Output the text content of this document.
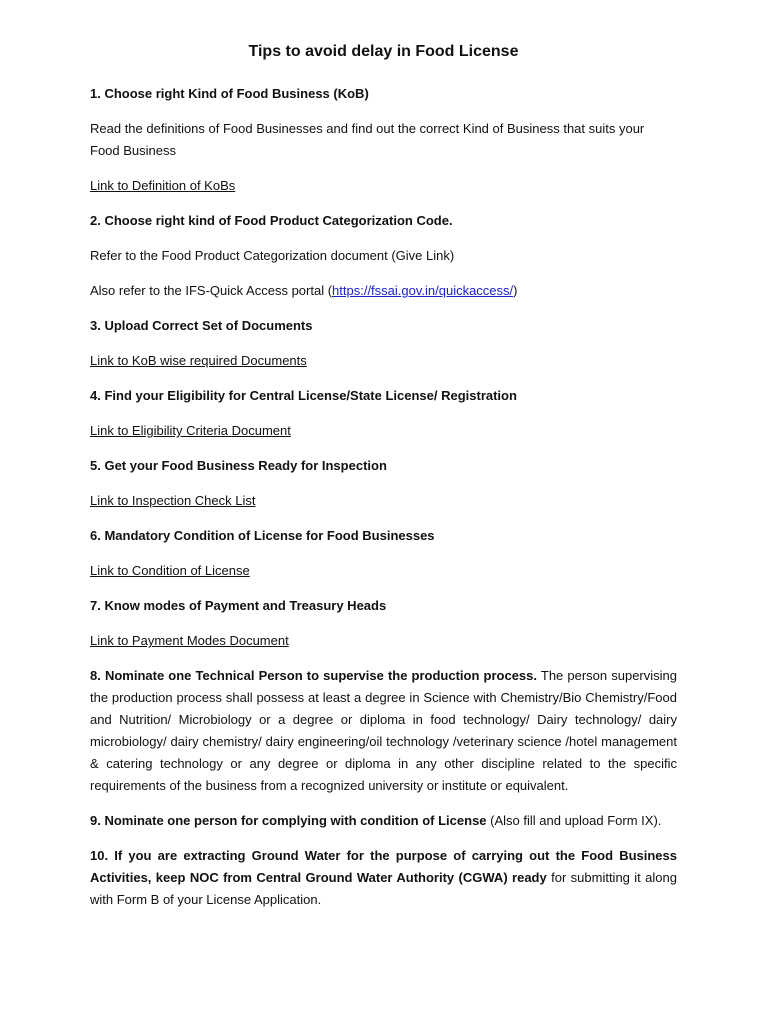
Tips to avoid delay in Food License
1. Choose right Kind of Food Business (KoB)
Read the definitions of Food Businesses and find out the correct Kind of Business that suits your Food Business
Link to Definition of KoBs
2. Choose right kind of Food Product Categorization Code.
Refer to the Food Product Categorization document (Give Link)
Also refer to the IFS-Quick Access portal (https://fssai.gov.in/quickaccess/)
3. Upload Correct Set of Documents
Link to KoB wise required Documents
4. Find your Eligibility for Central License/State License/ Registration
Link to Eligibility Criteria Document
5. Get your Food Business Ready for Inspection
Link to Inspection Check List
6. Mandatory Condition of License for Food Businesses
Link to Condition of License
7. Know modes of Payment and Treasury Heads
Link to Payment Modes Document
8. Nominate one Technical Person to supervise the production process. The person supervising the production process shall possess at least a degree in Science with Chemistry/Bio Chemistry/Food and Nutrition/ Microbiology or a degree or diploma in food technology/ Dairy technology/ dairy microbiology/ dairy chemistry/ dairy engineering/oil technology /veterinary science /hotel management & catering technology or any degree or diploma in any other discipline related to the specific requirements of the business from a recognized university or institute or equivalent.
9. Nominate one person for complying with condition of License (Also fill and upload Form IX).
10. If you are extracting Ground Water for the purpose of carrying out the Food Business Activities, keep NOC from Central Ground Water Authority (CGWA) ready for submitting it along with Form B of your License Application.
